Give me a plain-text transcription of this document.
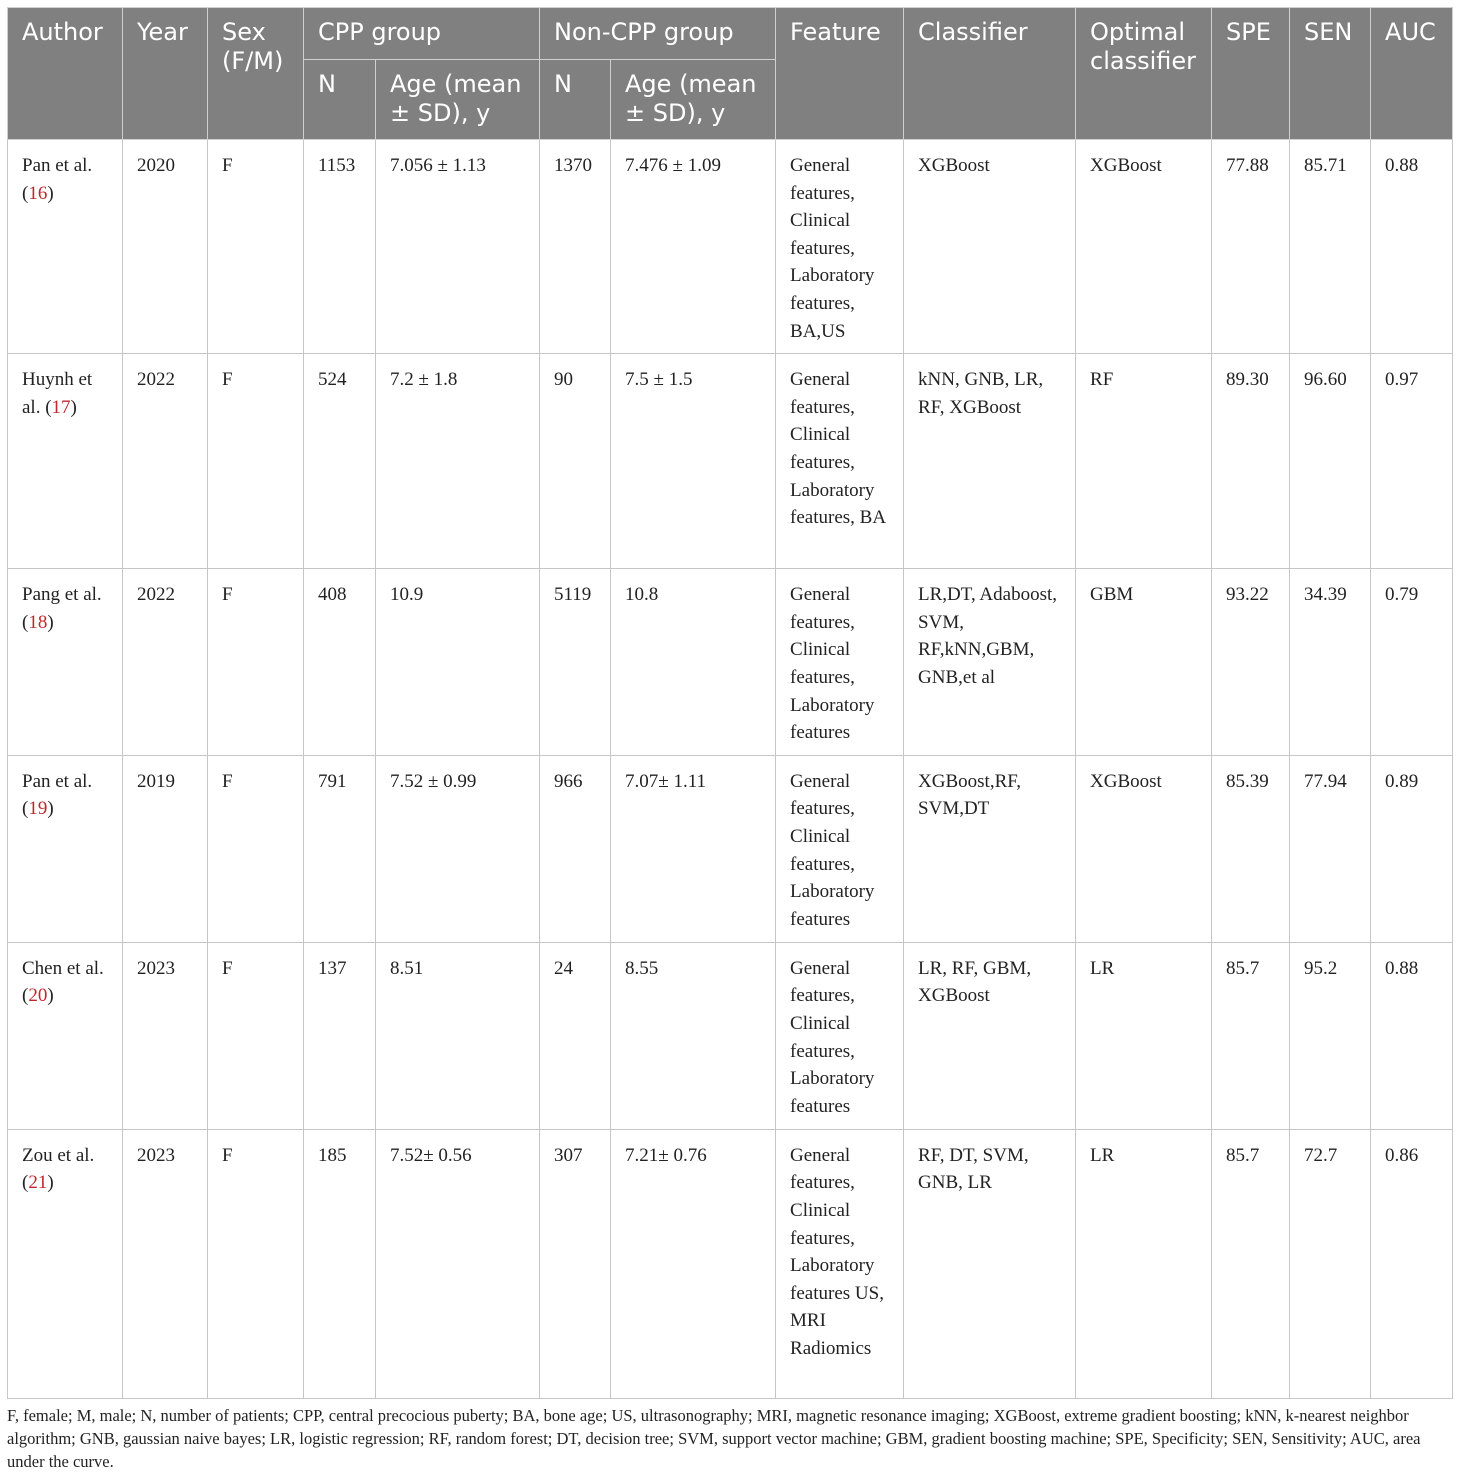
Author	Year	Sex (F/M)	CPP group		Non-CPP group		Feature	Classifier	Optimal classifier	SPE	SEN	AUC
			N	Age (mean ± SD), y	N	Age (mean ± SD), y						
Pan et al. (16)	2020	F	1153	7.056 ± 1.13	1370	7.476 ± 1.09	General features, Clinical features, Laboratory features, BA,US	XGBoost	XGBoost	77.88	85.71	0.88
Huynh et al. (17)	2022	F	524	7.2 ± 1.8	90	7.5 ± 1.5	General features, Clinical features, Laboratory features, BA	kNN, GNB, LR, RF, XGBoost	RF	89.30	96.60	0.97
Pang et al. (18)	2022	F	408	10.9	5119	10.8	General features, Clinical features, Laboratory features	LR,DT, Adaboost, SVM, RF,kNN,GBM, GNB,et al	GBM	93.22	34.39	0.79
Pan et al. (19)	2019	F	791	7.52 ± 0.99	966	7.07± 1.11	General features, Clinical features, Laboratory features	XGBoost,RF, SVM,DT	XGBoost	85.39	77.94	0.89
Chen et al. (20)	2023	F	137	8.51	24	8.55	General features, Clinical features, Laboratory features	LR, RF, GBM, XGBoost	LR	85.7	95.2	0.88
Zou et al. (21)	2023	F	185	7.52± 0.56	307	7.21± 0.76	General features, Clinical features, Laboratory features US, MRI Radiomics	RF, DT, SVM, GNB, LR	LR	85.7	72.7	0.86
F, female; M, male; N, number of patients; CPP, central precocious puberty; BA, bone age; US, ultrasonography; MRI, magnetic resonance imaging; XGBoost, extreme gradient boosting; kNN, k-nearest neighbor algorithm; GNB, gaussian naive bayes; LR, logistic regression; RF, random forest; DT, decision tree; SVM, support vector machine; GBM, gradient boosting machine; SPE, Specificity; SEN, Sensitivity; AUC, area under the curve.
